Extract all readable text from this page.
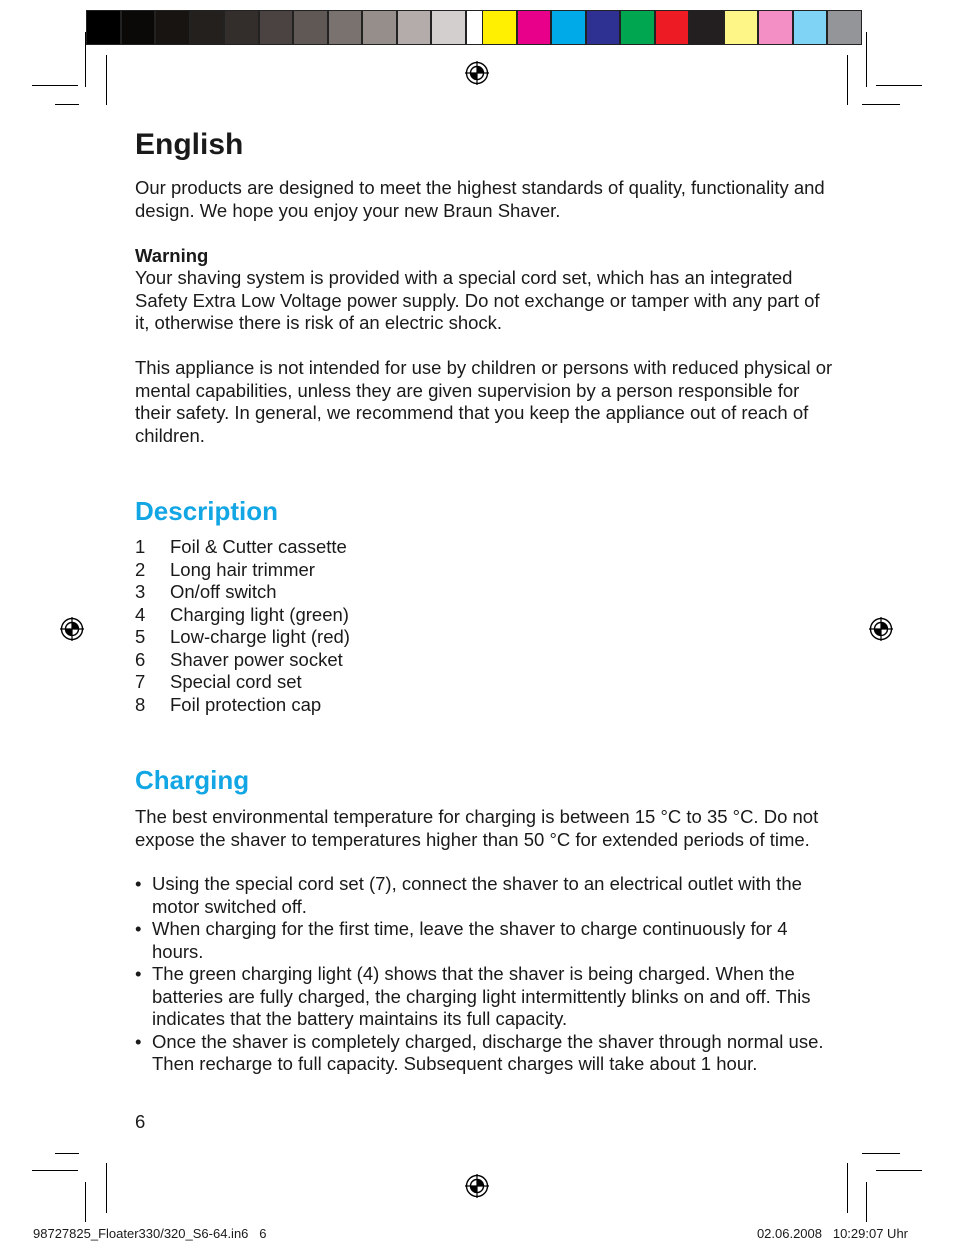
English

Our products are designed to meet the highest standards of quality, functionality and design. We hope you enjoy your new Braun Shaver.

Warning

Your shaving system is provided with a special cord set, which has an integrated Safety Extra Low Voltage power supply. Do not exchange or tamper with any part of it, otherwise there is risk of an electric shock.

This appliance is not intended for use by children or persons with reduced physical or mental capabilities, unless they are given supervision by a person responsible for their safety. In general, we recommend that you keep the appliance out of reach of children.

Description
1	Foil & Cutter cassette
2	Long hair trimmer
3	On/off switch
4	Charging light (green)
5	Low-charge light (red)
6	Shaver power socket
7	Special cord set
8	Foil protection cap
Charging

The best environmental temperature for charging is between 15 °C to 35 °C. Do not expose the shaver to temperatures higher than 50 °C for extended periods of time.

• Using the special cord set (7), connect the shaver to an electrical outlet with the motor switched off.
• When charging for the first time, leave the shaver to charge continuously for 4 hours.
• The green charging light (4) shows that the shaver is being charged. When the batteries are fully charged, the charging light intermittently blinks on and off. This indicates that the battery maintains its full capacity.
• Once the shaver is completely charged, discharge the shaver through normal use. Then recharge to full capacity. Subsequent charges will take about 1 hour.
6
98727825_Floater330/320_S6-64.in6   6	02.06.2008   10:29:07 Uhr
